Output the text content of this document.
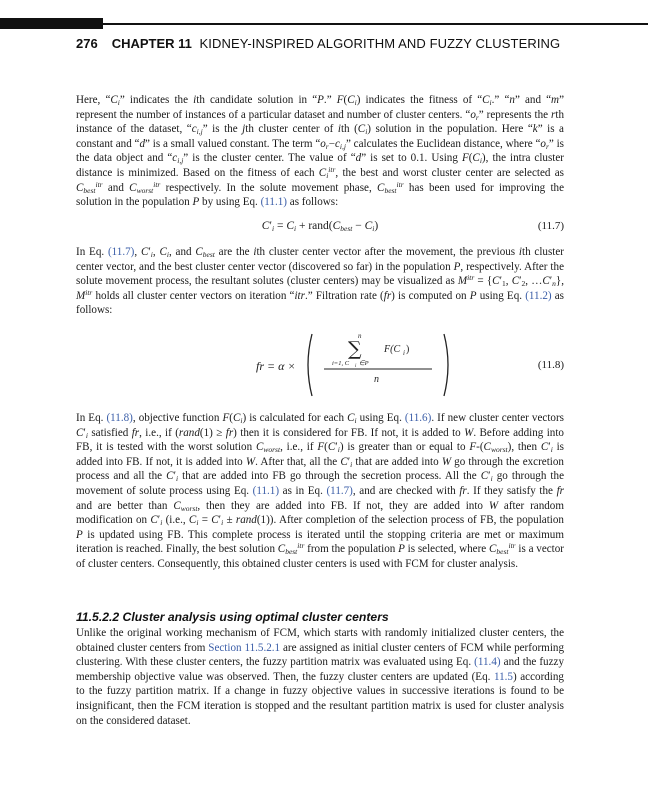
276 CHAPTER 11 KIDNEY-INSPIRED ALGORITHM AND FUZZY CLUSTERING

Here, “$C_i$” indicates the ith candidate solution in “P.” $F(C_i)$ indicates the fitness of “$C_i$.” “n” and “m” represent the number of instances of a particular dataset and number of cluster centers. “$o_r$” represents the rth instance of the dataset, “$c_{i,j}$” is the jth cluster center of ith $(C_i)$ solution in the population. Here “k” is a constant and “d” is a small valued constant. The term “$o_r-c_{i,j}$” calculates the Euclidean distance, where “$o_r$” is the data object and “$c_{i,j}$” is the cluster center. The value of “d” is set to 0.1. Using $F(C_i)$, the intra cluster distance is minimized. Based on the fitness of each $C_i^{itr}$, the best and worst cluster center are selected as $C_{best}^{itr}$ and $C_{worst}^{itr}$ respectively. In the solute movement phase, $C_{best}^{itr}$ has been used for improving the solution in the population P by using Eq. (11.1) as follows:

$C'_i = C_i$ + $rand(C_{best} - C_i)$	(11.7)

In Eq. (11.7), $C'_i$, $C_i$, and $C_{best}$ are the ith cluster center vector after the movement, the previous ith cluster center vector, and the best cluster center vector (discovered so far) in the population P, respectively. After the solute movement process, the resultant solutes (cluster centers) may be visualized as $M^{itr} = \{C'_1$, $C'_2$, $\dots C'_n$}, $M^{itr}$ holds all cluster center vectors on iteration “itr.” Filtration rate (fr) is computed on P using Eq. (11.2) as follows:

fr = α ×
n
∑ F(C i )
i=1, C i ∈P
n
(11.8)

In Eq. (11.8), objective function $F(C_i)$ is calculated for each $C_i$ using Eq. (11.6). If new cluster center vectors $C'_i$ satisfied fr, i.e., if (rand(1) ≥ fr) then it is considered for FB. If not, it is added to W. Before adding into FB, it is tested with the worst solution $C_{worst}$, i.e., if $F(C'_i)$ is greater than or equal to $F-(C_{worst})$, then $C'_i$ is added into FB. If not, it is added into W. After that, all the $C'_i$ that are added into W go through the excretion process and all the $C'_i$ that are added into FB go through the secretion process. All the $C'_i$ go through the movement of solute process using Eq. (11.1) as in Eq. (11.7), and are checked with fr. If they satisfy the fr and are better than $C_{worst}$, then they are added into FB. If not, they are added into W after random modification on $C'_i$ (i.e., $C_i = C'_i$ ± rand(1)). After completion of the selection process of FB, the population P is updated using FB. This complete process is iterated until the stopping criteria are met or maximum iteration is reached. Finally, the best solution $C_{best}^{itr}$ from the population P is selected, where $C_{best}^{itr}$ is a vector of cluster centers. Consequently, this obtained cluster centers is used with FCM for cluster analysis.

11.5.2.2 Cluster analysis using optimal cluster centers

Unlike the original working mechanism of FCM, which starts with randomly initialized cluster centers, the obtained cluster centers from Section 11.5.2.1 are assigned as initial cluster centers of FCM while performing clustering. With these cluster centers, the fuzzy partition matrix was evaluated using Eq. (11.4) and the fuzzy membership objective value was observed. Then, the fuzzy cluster centers are updated (Eq. 11.5) according to the fuzzy partition matrix. If a change in fuzzy objective values in successive iterations is found to be insignificant, then the FCM iteration is stopped and the resultant partition matrix is used for cluster analysis on the considered dataset.
